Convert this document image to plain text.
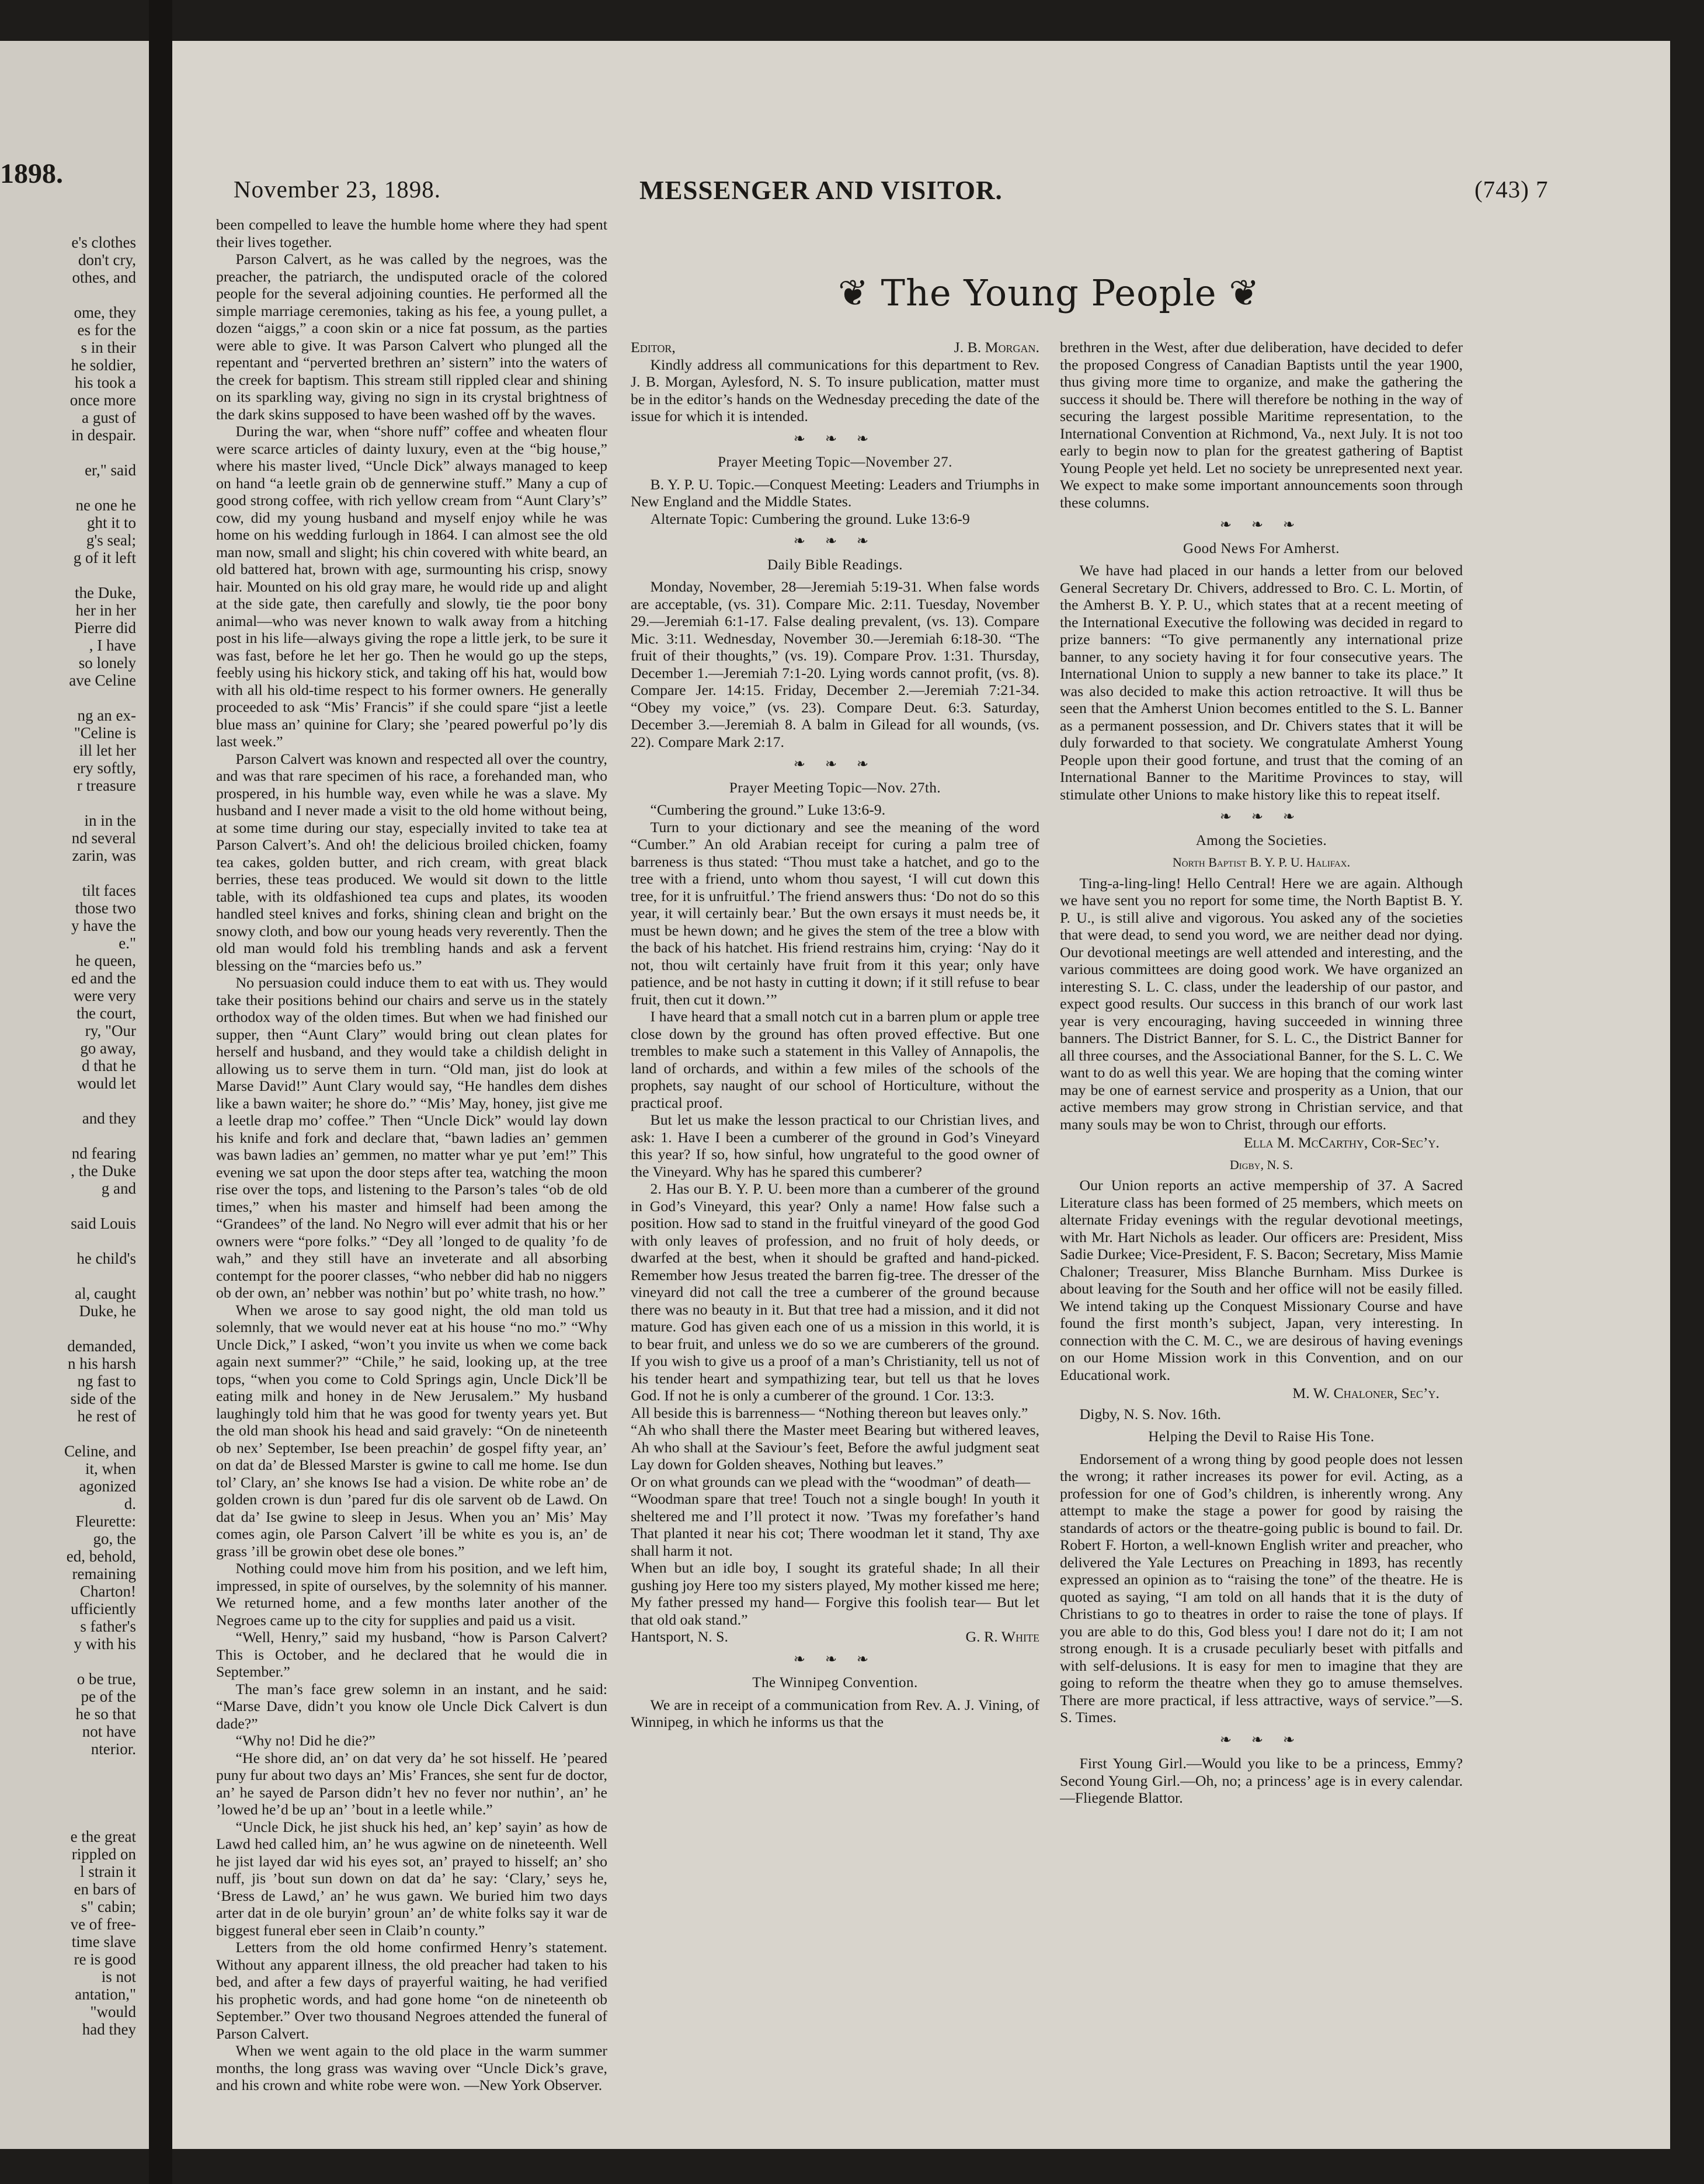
1898.
e's clothes
don't cry,
othes, and
ome, they
es for the
s in their
he soldier,
his took a
once more
a gust of
in despair.
er," said
ne one he
ght it to
g's seal;
g of it left
the Duke,
her in her
Pierre did
, I have
so lonely
ave Celine
ng an ex-
"Celine is
ill let her
ery softly,
r treasure
in in the
nd several
zarin, was
tilt faces
those two
y have the
e."
he queen,
ed and the
were very
the court,
ry, "Our
go away,
d that he
would let
and they
nd fearing
, the Duke
g and
said Louis
he child's
al, caught
Duke, he
demanded,
n his harsh
ng fast to
side of the
he rest of
Celine, and
it, when
agonized
d.
Fleurette:
go, the
ed, behold,
remaining
Charton!
ufficiently
s father's
y with his
o be true,
pe of the
he so that
not have
nterior.
e the great
rippled on
l strain it
en bars of
s" cabin;
ve of free-
time slave
re is good
is not
antation,"
"would
had they
November 23, 1898.	MESSENGER AND VISITOR.	(743) 7
❦ The Young People ❦

been compelled to leave the humble home where they had spent their lives together.

Parson Calvert, as he was called by the negroes, was the preacher, the patriarch, the undisputed oracle of the colored people for the several adjoining counties. He performed all the simple marriage ceremonies, taking as his fee, a young pullet, a dozen “aiggs,” a coon skin or a nice fat possum, as the parties were able to give. It was Parson Calvert who plunged all the repentant and “perverted brethren an’ sistern” into the waters of the creek for baptism. This stream still rippled clear and shining on its sparkling way, giving no sign in its crystal brightness of the dark skins supposed to have been washed off by the waves.

During the war, when “shore nuff” coffee and wheaten flour were scarce articles of dainty luxury, even at the “big house,” where his master lived, “Uncle Dick” always managed to keep on hand “a leetle grain ob de gennerwine stuff.” Many a cup of good strong coffee, with rich yellow cream from “Aunt Clary’s” cow, did my young husband and myself enjoy while he was home on his wedding furlough in 1864. I can almost see the old man now, small and slight; his chin covered with white beard, an old battered hat, brown with age, surmounting his crisp, snowy hair. Mounted on his old gray mare, he would ride up and alight at the side gate, then carefully and slowly, tie the poor bony animal—who was never known to walk away from a hitching post in his life—always giving the rope a little jerk, to be sure it was fast, before he let her go. Then he would go up the steps, feebly using his hickory stick, and taking off his hat, would bow with all his old-time respect to his former owners. He generally proceeded to ask “Mis’ Francis” if she could spare “jist a leetle blue mass an’ quinine for Clary; she ’peared powerful po’ly dis last week.”

Parson Calvert was known and respected all over the country, and was that rare specimen of his race, a forehanded man, who prospered, in his humble way, even while he was a slave. My husband and I never made a visit to the old home without being, at some time during our stay, especially invited to take tea at Parson Calvert’s. And oh! the delicious broiled chicken, foamy tea cakes, golden butter, and rich cream, with great black berries, these teas produced. We would sit down to the little table, with its oldfashioned tea cups and plates, its wooden handled steel knives and forks, shining clean and bright on the snowy cloth, and bow our young heads very reverently. Then the old man would fold his trembling hands and ask a fervent blessing on the “marcies befo us.”

No persuasion could induce them to eat with us. They would take their positions behind our chairs and serve us in the stately orthodox way of the olden times. But when we had finished our supper, then “Aunt Clary” would bring out clean plates for herself and husband, and they would take a childish delight in allowing us to serve them in turn. “Old man, jist do look at Marse David!” Aunt Clary would say, “He handles dem dishes like a bawn waiter; he shore do.” “Mis’ May, honey, jist give me a leetle drap mo’ coffee.” Then “Uncle Dick” would lay down his knife and fork and declare that, “bawn ladies an’ gemmen was bawn ladies an’ gemmen, no matter whar ye put ’em!” This evening we sat upon the door steps after tea, watching the moon rise over the tops, and listening to the Parson’s tales “ob de old times,” when his master and himself had been among the “Grandees” of the land. No Negro will ever admit that his or her owners were “pore folks.” “Dey all ’longed to de quality ’fo de wah,” and they still have an inveterate and all absorbing contempt for the poorer classes, “who nebber did hab no niggers ob der own, an’ nebber was nothin’ but po’ white trash, no how.”

When we arose to say good night, the old man told us solemnly, that we would never eat at his house “no mo.” “Why Uncle Dick,” I asked, “won’t you invite us when we come back again next summer?” “Chile,” he said, looking up, at the tree tops, “when you come to Cold Springs agin, Uncle Dick’ll be eating milk and honey in de New Jerusalem.” My husband laughingly told him that he was good for twenty years yet. But the old man shook his head and said gravely: “On de nineteenth ob nex’ September, Ise been preachin’ de gospel fifty year, an’ on dat da’ de Blessed Marster is gwine to call me home. Ise dun tol’ Clary, an’ she knows Ise had a vision. De white robe an’ de golden crown is dun ’pared fur dis ole sarvent ob de Lawd. On dat da’ Ise gwine to sleep in Jesus. When you an’ Mis’ May comes agin, ole Parson Calvert ’ill be white es you is, an’ de grass ’ill be growin obet dese ole bones.”

Nothing could move him from his position, and we left him, impressed, in spite of ourselves, by the solemnity of his manner. We returned home, and a few months later another of the Negroes came up to the city for supplies and paid us a visit.

“Well, Henry,” said my husband, “how is Parson Calvert? This is October, and he declared that he would die in September.”

The man’s face grew solemn in an instant, and he said: “Marse Dave, didn’t you know ole Uncle Dick Calvert is dun dade?”

“Why no! Did he die?”

“He shore did, an’ on dat very da’ he sot hisself. He ’peared puny fur about two days an’ Mis’ Frances, she sent fur de doctor, an’ he sayed de Parson didn’t hev no fever nor nuthin’, an’ he ’lowed he’d be up an’ ’bout in a leetle while.”

“Uncle Dick, he jist shuck his hed, an’ kep’ sayin’ as how de Lawd hed called him, an’ he wus agwine on de nineteenth. Well he jist layed dar wid his eyes sot, an’ prayed to hisself; an’ sho nuff, jis ’bout sun down on dat da’ he say: ‘Clary,’ seys he, ‘Bress de Lawd,’ an’ he wus gawn. We buried him two days arter dat in de ole buryin’ groun’ an’ de white folks say it war de biggest funeral eber seen in Claib’n county.”

Letters from the old home confirmed Henry’s statement. Without any apparent illness, the old preacher had taken to his bed, and after a few days of prayerful waiting, he had verified his prophetic words, and had gone home “on de nineteenth ob September.” Over two thousand Negroes attended the funeral of Parson Calvert.

When we went again to the old place in the warm summer months, the long grass was waving over “Uncle Dick’s grave, and his crown and white robe were won. —New York Observer.

Editor,	J. B. Morgan.

Kindly address all communications for this department to Rev. J. B. Morgan, Aylesford, N. S. To insure publication, matter must be in the editor’s hands on the Wednesday preceding the date of the issue for which it is intended.

❧ ❧ ❧
Prayer Meeting Topic—November 27.

B. Y. P. U. Topic.—Conquest Meeting: Leaders and Triumphs in New England and the Middle States.

Alternate Topic: Cumbering the ground. Luke 13:6-9

❧ ❧ ❧
Daily Bible Readings.

Monday, November, 28—Jeremiah 5:19-31. When false words are acceptable, (vs. 31). Compare Mic. 2:11. Tuesday, November 29.—Jeremiah 6:1-17. False dealing prevalent, (vs. 13). Compare Mic. 3:11. Wednesday, November 30.—Jeremiah 6:18-30. “The fruit of their thoughts,” (vs. 19). Compare Prov. 1:31. Thursday, December 1.—Jeremiah 7:1-20. Lying words cannot profit, (vs. 8). Compare Jer. 14:15. Friday, December 2.—Jeremiah 7:21-34. “Obey my voice,” (vs. 23). Compare Deut. 6:3. Saturday, December 3.—Jeremiah 8. A balm in Gilead for all wounds, (vs. 22). Compare Mark 2:17.

❧ ❧ ❧
Prayer Meeting Topic—Nov. 27th.

“Cumbering the ground.” Luke 13:6-9.

Turn to your dictionary and see the meaning of the word “Cumber.” An old Arabian receipt for curing a palm tree of barreness is thus stated: “Thou must take a hatchet, and go to the tree with a friend, unto whom thou sayest, ‘I will cut down this tree, for it is unfruitful.’ The friend answers thus: ‘Do not do so this year, it will certainly bear.’ But the own ersays it must needs be, it must be hewn down; and he gives the stem of the tree a blow with the back of his hatchet. His friend restrains him, crying: ‘Nay do it not, thou wilt certainly have fruit from it this year; only have patience, and be not hasty in cutting it down; if it still refuse to bear fruit, then cut it down.’”

I have heard that a small notch cut in a barren plum or apple tree close down by the ground has often proved effective. But one trembles to make such a statement in this Valley of Annapolis, the land of orchards, and within a few miles of the schools of the prophets, say naught of our school of Horticulture, without the practical proof.

But let us make the lesson practical to our Christian lives, and ask: 1. Have I been a cumberer of the ground in God’s Vineyard this year? If so, how sinful, how ungrateful to the good owner of the Vineyard. Why has he spared this cumberer?

2. Has our B. Y. P. U. been more than a cumberer of the ground in God’s Vineyard, this year? Only a name! How false such a position. How sad to stand in the fruitful vineyard of the good God with only leaves of profession, and no fruit of holy deeds, or dwarfed at the best, when it should be grafted and hand-picked. Remember how Jesus treated the barren fig-tree. The dresser of the vineyard did not call the tree a cumberer of the ground because there was no beauty in it. But that tree had a mission, and it did not mature. God has given each one of us a mission in this world, it is to bear fruit, and unless we do so we are cumberers of the ground. If you wish to give us a proof of a man’s Christianity, tell us not of his tender heart and sympathizing tear, but tell us that he loves God. If not he is only a cumberer of the ground. 1 Cor. 13:3.

All beside this is barrenness— “Nothing thereon but leaves only.”

“Ah who shall there the Master meet Bearing but withered leaves, Ah who shall at the Saviour’s feet, Before the awful judgment seat Lay down for Golden sheaves, Nothing but leaves.”

Or on what grounds can we plead with the “woodman” of death—

“Woodman spare that tree! Touch not a single bough! In youth it sheltered me and I’ll protect it now. ’Twas my forefather’s hand That planted it near his cot; There woodman let it stand, Thy axe shall harm it not.

When but an idle boy, I sought its grateful shade; In all their gushing joy Here too my sisters played, My mother kissed me here; My father pressed my hand— Forgive this foolish tear— But let that old oak stand.”

Hantsport, N. S.	G. R. White

❧ ❧ ❧
The Winnipeg Convention.

We are in receipt of a communication from Rev. A. J. Vining, of Winnipeg, in which he informs us that the

brethren in the West, after due deliberation, have decided to defer the proposed Congress of Canadian Baptists until the year 1900, thus giving more time to organize, and make the gathering the success it should be. There will therefore be nothing in the way of securing the largest possible Maritime representation, to the International Convention at Richmond, Va., next July. It is not too early to begin now to plan for the greatest gathering of Baptist Young People yet held. Let no society be unrepresented next year. We expect to make some important announcements soon through these columns.

❧ ❧ ❧
Good News For Amherst.

We have had placed in our hands a letter from our beloved General Secretary Dr. Chivers, addressed to Bro. C. L. Mortin, of the Amherst B. Y. P. U., which states that at a recent meeting of the International Executive the following was decided in regard to prize banners: “To give permanently any international prize banner, to any society having it for four consecutive years. The International Union to supply a new banner to take its place.” It was also decided to make this action retroactive. It will thus be seen that the Amherst Union becomes entitled to the S. L. Banner as a permanent possession, and Dr. Chivers states that it will be duly forwarded to that society. We congratulate Amherst Young People upon their good fortune, and trust that the coming of an International Banner to the Maritime Provinces to stay, will stimulate other Unions to make history like this to repeat itself.

❧ ❧ ❧
Among the Societies.
North Baptist B. Y. P. U. Halifax.

Ting-a-ling-ling! Hello Central! Here we are again. Although we have sent you no report for some time, the North Baptist B. Y. P. U., is still alive and vigorous. You asked any of the societies that were dead, to send you word, we are neither dead nor dying. Our devotional meetings are well attended and interesting, and the various committees are doing good work. We have organized an interesting S. L. C. class, under the leadership of our pastor, and expect good results. Our success in this branch of our work last year is very encouraging, having succeeded in winning three banners. The District Banner, for S. L. C., the District Banner for all three courses, and the Associational Banner, for the S. L. C. We want to do as well this year. We are hoping that the coming winter may be one of earnest service and prosperity as a Union, that our active members may grow strong in Christian service, and that many souls may be won to Christ, through our efforts.

Ella M. McCarthy, Cor-Sec’y.
Digby, N. S.

Our Union reports an active mempership of 37. A Sacred Literature class has been formed of 25 members, which meets on alternate Friday evenings with the regular devotional meetings, with Mr. Hart Nichols as leader. Our officers are: President, Miss Sadie Durkee; Vice-President, F. S. Bacon; Secretary, Miss Mamie Chaloner; Treasurer, Miss Blanche Burnham. Miss Durkee is about leaving for the South and her office will not be easily filled. We intend taking up the Conquest Missionary Course and have found the first month’s subject, Japan, very interesting. In connection with the C. M. C., we are desirous of having evenings on our Home Mission work in this Convention, and on our Educational work.

M. W. Chaloner, Sec’y.

Digby, N. S. Nov. 16th.

Helping the Devil to Raise His Tone.

Endorsement of a wrong thing by good people does not lessen the wrong; it rather increases its power for evil. Acting, as a profession for one of God’s children, is inherently wrong. Any attempt to make the stage a power for good by raising the standards of actors or the theatre-going public is bound to fail. Dr. Robert F. Horton, a well-known English writer and preacher, who delivered the Yale Lectures on Preaching in 1893, has recently expressed an opinion as to “raising the tone” of the theatre. He is quoted as saying, “I am told on all hands that it is the duty of Christians to go to theatres in order to raise the tone of plays. If you are able to do this, God bless you! I dare not do it; I am not strong enough. It is a crusade peculiarly beset with pitfalls and with self-delusions. It is easy for men to imagine that they are going to reform the theatre when they go to amuse themselves. There are more practical, if less attractive, ways of service.”—S. S. Times.

❧ ❧ ❧

First Young Girl.—Would you like to be a princess, Emmy? Second Young Girl.—Oh, no; a princess’ age is in every calendar.—Fliegende Blattor.
